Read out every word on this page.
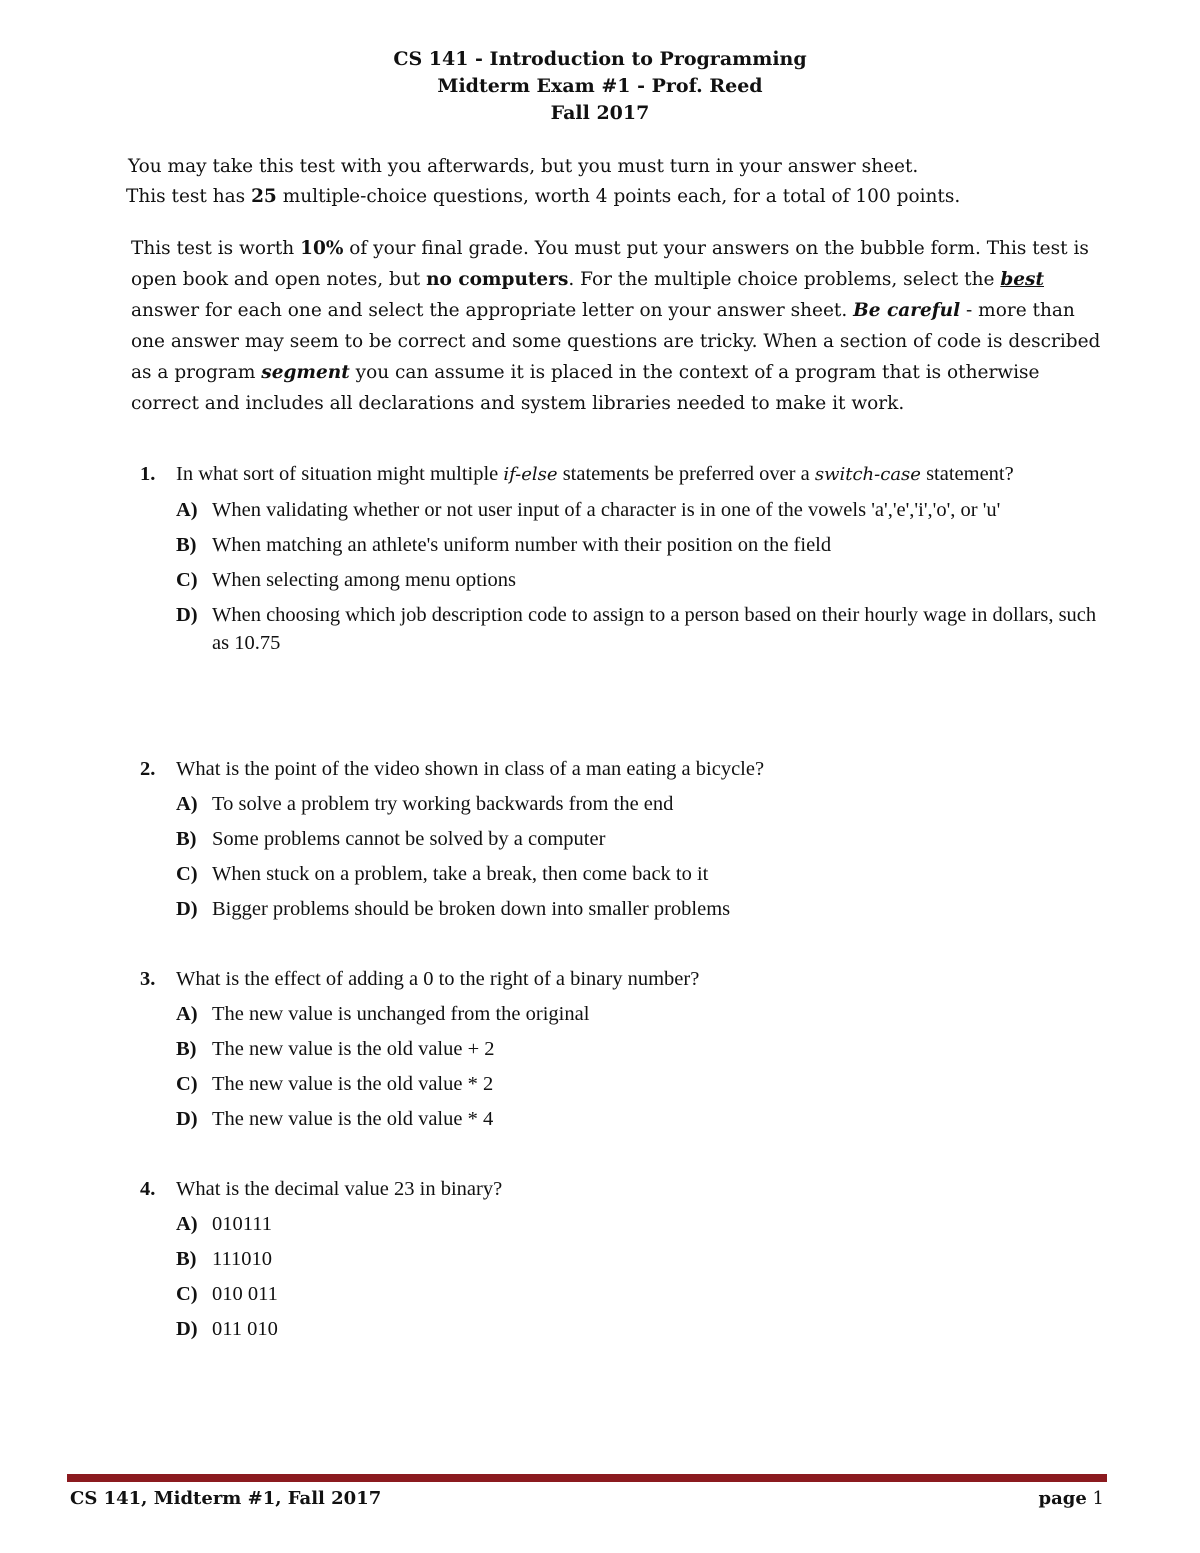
CS 141 - Introduction to Programming
Midterm Exam #1 - Prof. Reed
Fall 2017
You may take this test with you afterwards, but you must turn in your answer sheet.
This test has 25 multiple-choice questions, worth 4 points each, for a total of 100 points.

This test is worth 10% of your final grade. You must put your answers on the bubble form. This test is open book and open notes, but no computers. For the multiple choice problems, select the best answer for each one and select the appropriate letter on your answer sheet. Be careful - more than one answer may seem to be correct and some questions are tricky. When a section of code is described as a program segment you can assume it is placed in the context of a program that is otherwise correct and includes all declarations and system libraries needed to make it work.

1. In what sort of situation might multiple if-else statements be preferred over a switch-case statement?
A) When validating whether or not user input of a character is in one of the vowels 'a','e','i','o', or 'u'
B) When matching an athlete's uniform number with their position on the field
C) When selecting among menu options
D) When choosing which job description code to assign to a person based on their hourly wage in dollars, such as 10.75
2. What is the point of the video shown in class of a man eating a bicycle?
A) To solve a problem try working backwards from the end
B) Some problems cannot be solved by a computer
C) When stuck on a problem, take a break, then come back to it
D) Bigger problems should be broken down into smaller problems
3. What is the effect of adding a 0 to the right of a binary number?
A) The new value is unchanged from the original
B) The new value is the old value + 2
C) The new value is the old value * 2
D) The new value is the old value * 4
4. What is the decimal value 23 in binary?
A) 010111
B) 111010
C) 010 011
D) 011 010
CS 141, Midterm #1, Fall 2017	page 1
